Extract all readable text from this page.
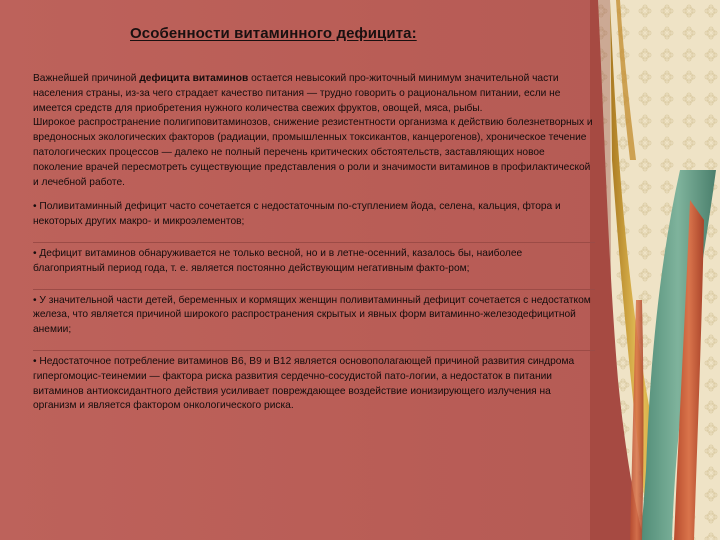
Особенности витаминного дефицита:

Важнейшей причиной дефицита витаминов остается невысокий про-житочный минимум значительной части населения страны, из-за чего страдает качество питания — трудно говорить о рациональном питании, если не имеется средств для приобретения нужного количества свежих фруктов, овощей, мяса, рыбы.

Широкое распространение полигиповитаминозов, снижение резистентности организма к действию болезнетворных и вредоносных экологических факторов (радиации, промышленных токсикантов, канцерогенов), хроническое течение патологических процессов — далеко не полный перечень критических обстоятельств, заставляющих новое поколение врачей пересмотреть существующие представления о роли и значимости витаминов в профилактической и лечебной работе.

• Поливитаминный дефицит часто сочетается с недостаточным по-ступлением йода, селена, кальция, фтора и некоторых других макро- и микроэлементов;
• Дефицит витаминов обнаруживается не только весной, но и в летне-осенний, казалось бы, наиболее благоприятный период года, т. е. является постоянно действующим негативным факто-ром;
• У значительной части детей, беременных и кормящих женщин поливитаминный дефицит сочетается с недостатком железа, что является причиной широкого распространения скрытых и явных форм витаминно-железодефицитной анемии;
• Недостаточное потребление витаминов В6, В9 и В12 является основополагающей причиной развития синдрома гипергомоцис-теинемии — фактора риска развития сердечно-сосудистой пато-логии, а недостаток в питании витаминов антиоксидантного действия усиливает повреждающее воздействие ионизирующего излучения на организм и является фактором онкологического риска.
